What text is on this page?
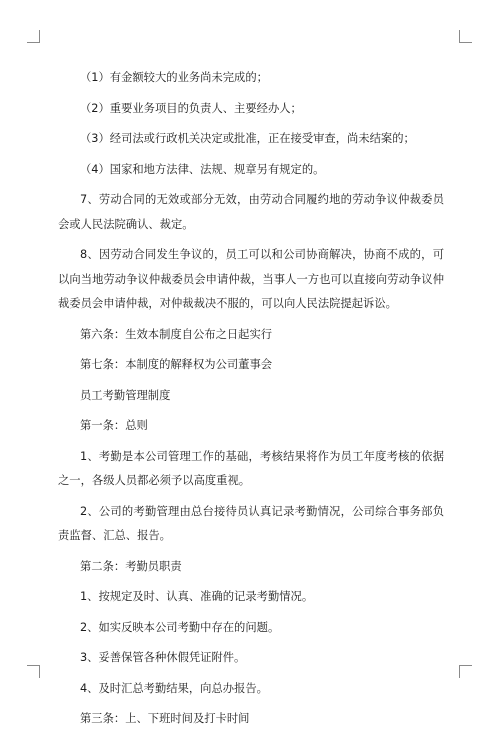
（1）有金额较大的业务尚未完成的；

（2）重要业务项目的负责人、主要经办人；

（3）经司法或行政机关决定或批准，正在接受审查，尚未结案的；

（4）国家和地方法律、法规、规章另有规定的。

7、劳动合同的无效或部分无效，由劳动合同履约地的劳动争议仲裁委员会或人民法院确认、裁定。

8、因劳动合同发生争议的，员工可以和公司协商解决，协商不成的，可以向当地劳动争议仲裁委员会申请仲裁，当事人一方也可以直接向劳动争议仲裁委员会申请仲裁，对仲裁裁决不服的，可以向人民法院提起诉讼。

第六条：生效本制度自公布之日起实行

第七条：本制度的解释权为公司董事会

员工考勤管理制度

第一条：总则

1、考勤是本公司管理工作的基础，考核结果将作为员工年度考核的依据之一，各级人员都必须予以高度重视。

2、公司的考勤管理由总台接待员认真记录考勤情况，公司综合事务部负责监督、汇总、报告。

第二条：考勤员职责

1、按规定及时、认真、准确的记录考勤情况。

2、如实反映本公司考勤中存在的问题。

3、妥善保管各种休假凭证附件。

4、及时汇总考勤结果，向总办报告。

第三条：上、下班时间及打卡时间
